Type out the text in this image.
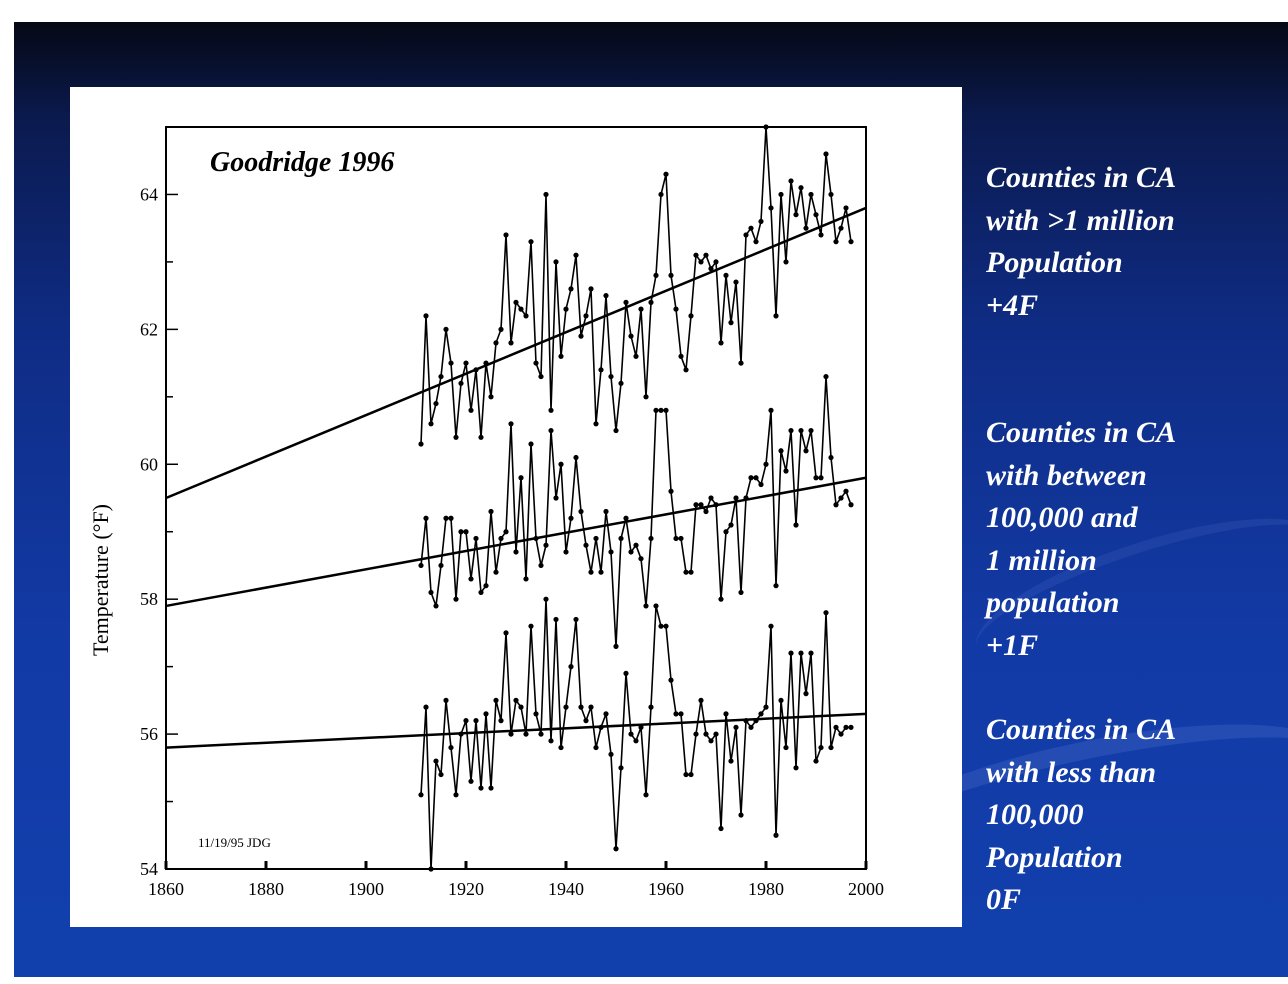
54
56
58
60
62
64
1860	1880	1900	1920	1940	1960	1980	2000
Goodridge 1996
11/19/95 JDG
Temperature (°F)
Counties in CA
with >1 million
Population
+4F
Counties in CA
with between
100,000 and
1 million
population
+1F
Counties in CA
with less than
100,000
Population
0F
